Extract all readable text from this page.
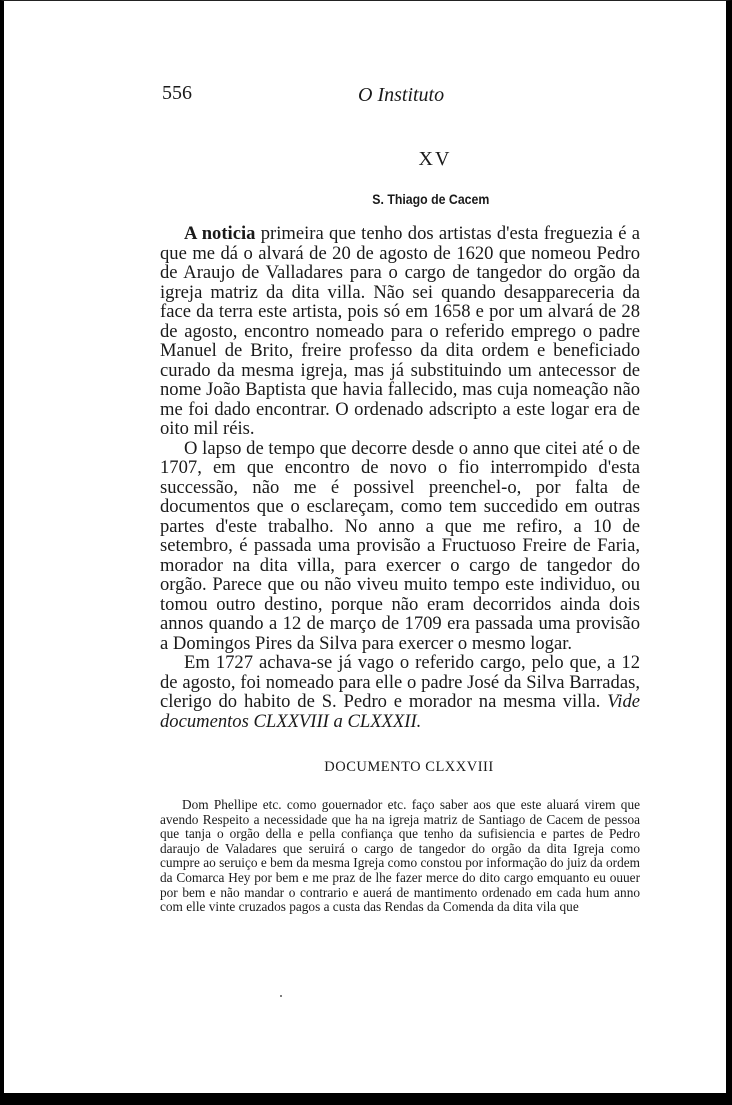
556	O Instituto
XV
S. Thiago de Cacem

A noticia primeira que tenho dos artistas d'esta freguezia é a que me dá o alvará de 20 de agosto de 1620 que nomeou Pedro de Araujo de Valladares para o cargo de tangedor do orgão da igreja matriz da dita villa. Não sei quando desappareceria da face da terra este artista, pois só em 1658 e por um alvará de 28 de agosto, encontro nomeado para o referido emprego o padre Manuel de Brito, freire professo da dita ordem e beneficiado curado da mesma igreja, mas já substituindo um antecessor de nome João Baptista que havia fallecido, mas cuja nomeação não me foi dado encontrar. O ordenado adscripto a este logar era de oito mil réis.

O lapso de tempo que decorre desde o anno que citei até o de 1707, em que encontro de novo o fio interrompido d'esta successão, não me é possivel preenchel-o, por falta de documentos que o esclareçam, como tem succedido em outras partes d'este trabalho. No anno a que me refiro, a 10 de setembro, é passada uma provisão a Fructuoso Freire de Faria, morador na dita villa, para exercer o cargo de tangedor do orgão. Parece que ou não viveu muito tempo este individuo, ou tomou outro destino, porque não eram decorridos ainda dois annos quando a 12 de março de 1709 era passada uma provisão a Domingos Pires da Silva para exercer o mesmo logar.

Em 1727 achava-se já vago o referido cargo, pelo que, a 12 de agosto, foi nomeado para elle o padre José da Silva Barradas, clerigo do habito de S. Pedro e morador na mesma villa. Vide documentos CLXXVIII a CLXXXII.

DOCUMENTO CLXXVIII

Dom Phellipe etc. como gouernador etc. faço saber aos que este aluará virem que avendo Respeito a necessidade que ha na igreja matriz de Santiago de Cacem de pessoa que tanja o orgão della e pella confiança que tenho da sufisiencia e partes de Pedro daraujo de Valadares que seruirá o cargo de tangedor do orgão da dita Igreja como cumpre ao seruiço e bem da mesma Igreja como constou por informação do juiz da ordem da Comarca Hey por bem e me praz de lhe fazer merce do dito cargo emquanto eu ouuer por bem e não mandar o contrario e auerá de mantimento ordenado em cada hum anno com elle vinte cruzados pagos a custa das Rendas da Comenda da dita vila que
